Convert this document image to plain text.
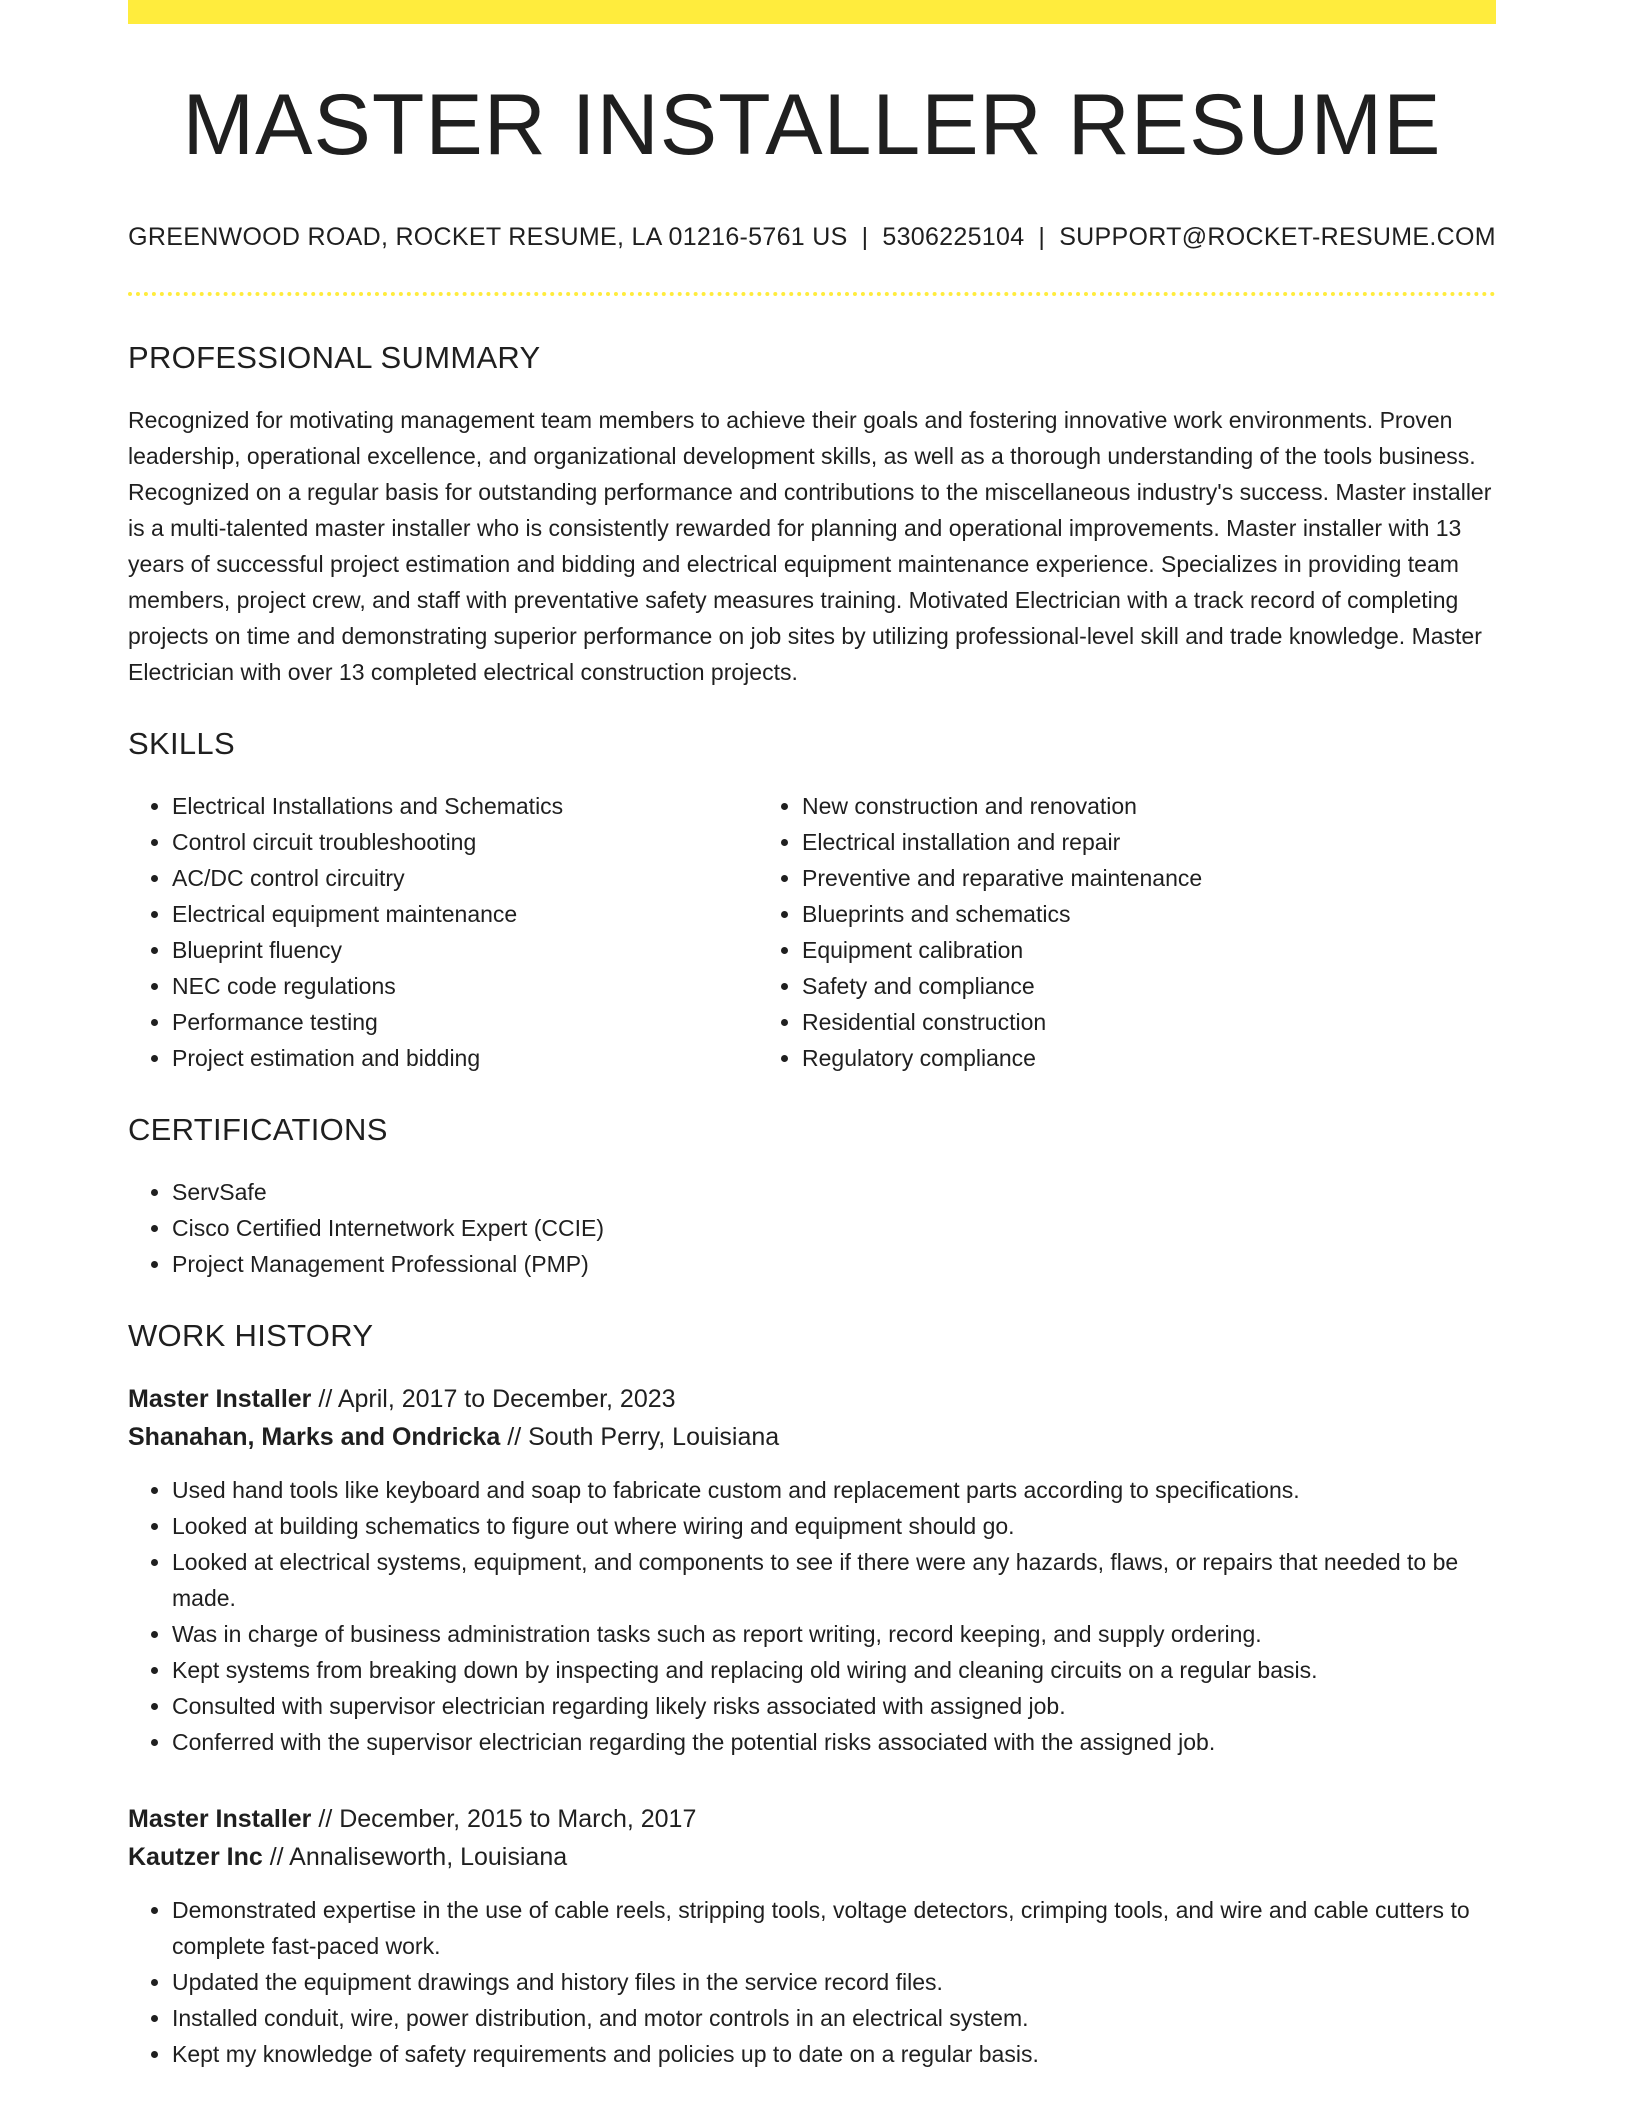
MASTER INSTALLER RESUME
GREENWOOD ROAD, ROCKET RESUME, LA 01216-5761 US | 5306225104 | SUPPORT@ROCKET-RESUME.COM
PROFESSIONAL SUMMARY

Recognized for motivating management team members to achieve their goals and fostering innovative work environments. Proven leadership, operational excellence, and organizational development skills, as well as a thorough understanding of the tools business. Recognized on a regular basis for outstanding performance and contributions to the miscellaneous industry's success. Master installer is a multi-talented master installer who is consistently rewarded for planning and operational improvements. Master installer with 13 years of successful project estimation and bidding and electrical equipment maintenance experience. Specializes in providing team members, project crew, and staff with preventative safety measures training. Motivated Electrician with a track record of completing projects on time and demonstrating superior performance on job sites by utilizing professional-level skill and trade knowledge. Master Electrician with over 13 completed electrical construction projects.

SKILLS
• Electrical Installations and Schematics
• Control circuit troubleshooting
• AC/DC control circuitry
• Electrical equipment maintenance
• Blueprint fluency
• NEC code regulations
• Performance testing
• Project estimation and bidding
• New construction and renovation
• Electrical installation and repair
• Preventive and reparative maintenance
• Blueprints and schematics
• Equipment calibration
• Safety and compliance
• Residential construction
• Regulatory compliance
CERTIFICATIONS
• ServSafe
• Cisco Certified Internetwork Expert (CCIE)
• Project Management Professional (PMP)
WORK HISTORY
Master Installer // April, 2017 to December, 2023
Shanahan, Marks and Ondricka // South Perry, Louisiana
• Used hand tools like keyboard and soap to fabricate custom and replacement parts according to specifications.
• Looked at building schematics to figure out where wiring and equipment should go.
• Looked at electrical systems, equipment, and components to see if there were any hazards, flaws, or repairs that needed to be made.
• Was in charge of business administration tasks such as report writing, record keeping, and supply ordering.
• Kept systems from breaking down by inspecting and replacing old wiring and cleaning circuits on a regular basis.
• Consulted with supervisor electrician regarding likely risks associated with assigned job.
• Conferred with the supervisor electrician regarding the potential risks associated with the assigned job.
Master Installer // December, 2015 to March, 2017
Kautzer Inc // Annaliseworth, Louisiana
• Demonstrated expertise in the use of cable reels, stripping tools, voltage detectors, crimping tools, and wire and cable cutters to complete fast-paced work.
• Updated the equipment drawings and history files in the service record files.
• Installed conduit, wire, power distribution, and motor controls in an electrical system.
• Kept my knowledge of safety requirements and policies up to date on a regular basis.
